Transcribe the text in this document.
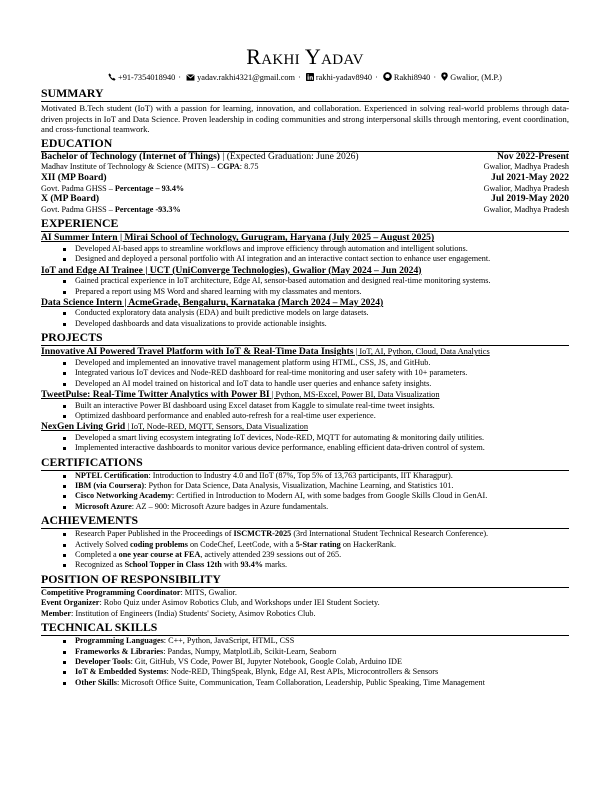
Rakhi Yadav
+91-7354018940 · yadav.rakhi4321@gmail.com · rakhi-yadav8940 · Rakhi8940 · Gwalior, (M.P.)
SUMMARY
Motivated B.Tech student (IoT) with a passion for learning, innovation, and collaboration. Experienced in solving real-world problems through data-driven projects in IoT and Data Science. Proven leadership in coding communities and strong interpersonal skills through mentoring, event coordination, and cross-functional teamwork.
EDUCATION
Bachelor of Technology (Internet of Things) | (Expected Graduation: June 2026)	Nov 2022-Present
Madhav Institute of Technology & Science (MITS) – CGPA: 8.75	Gwalior, Madhya Pradesh
XII (MP Board)	Jul 2021-May 2022
Govt. Padma GHSS – Percentage – 93.4%	Gwalior, Madhya Pradesh
X (MP Board)	Jul 2019-May 2020
Govt. Padma GHSS – Percentage -93.3%	Gwalior, Madhya Pradesh
EXPERIENCE
AI Summer Intern | Mirai School of Technology, Gurugram, Haryana (July 2025 – August 2025)
Developed AI-based apps to streamline workflows and improve efficiency through automation and intelligent solutions.
Designed and deployed a personal portfolio with AI integration and an interactive contact section to enhance user engagement.
IoT and Edge AI Trainee | UCT (UniConverge Technologies), Gwalior (May 2024 – Jun 2024)
Gained practical experience in IoT architecture, Edge AI, sensor-based automation and designed real-time monitoring systems.
Prepared a report using MS Word and shared learning with my classmates and mentors.
Data Science Intern | AcmeGrade, Bengaluru, Karnataka (March 2024 – May 2024)
Conducted exploratory data analysis (EDA) and built predictive models on large datasets.
Developed dashboards and data visualizations to provide actionable insights.
PROJECTS
Innovative AI Powered Travel Platform with IoT & Real-Time Data Insights | IoT, AI, Python, Cloud, Data Analytics
Developed and implemented an innovative travel management platform using HTML, CSS, JS, and GitHub.
Integrated various IoT devices and Node-RED dashboard for real-time monitoring and user safety with 10+ parameters.
Developed an AI model trained on historical and IoT data to handle user queries and enhance safety insights.
TweetPulse: Real-Time Twitter Analytics with Power BI | Python, MS-Excel, Power BI, Data Visualization
Built an interactive Power BI dashboard using Excel dataset from Kaggle to simulate real-time tweet insights.
Optimized dashboard performance and enabled auto-refresh for a real-time user experience.
NexGen Living Grid | IoT, Node-RED, MQTT, Sensors, Data Visualization
Developed a smart living ecosystem integrating IoT devices, Node-RED, MQTT for automating & monitoring daily utilities.
Implemented interactive dashboards to monitor various device performance, enabling efficient data-driven control of system.
CERTIFICATIONS
NPTEL Certification: Introduction to Industry 4.0 and IIoT (87%, Top 5% of 13,763 participants, IIT Kharagpur).
IBM (via Coursera): Python for Data Science, Data Analysis, Visualization, Machine Learning, and Statistics 101.
Cisco Networking Academy: Certified in Introduction to Modern AI, with some badges from Google Skills Cloud in GenAI.
Microsoft Azure: AZ – 900: Microsoft Azure badges in Azure fundamentals.
ACHIEVEMENTS
Research Paper Published in the Proceedings of ISCMCTR-2025 (3rd International Student Technical Research Conference).
Actively Solved coding problems on CodeChef, LeetCode, with a 5-Star rating on HackerRank.
Completed a one year course at FEA, actively attended 239 sessions out of 265.
Recognized as School Topper in Class 12th with 93.4% marks.
POSITION OF RESPONSIBILITY
Competitive Programming Coordinator: MITS, Gwalior.
Event Organizer: Robo Quiz under Asimov Robotics Club, and Workshops under IEI Student Society.
Member: Institution of Engineers (India) Students' Society, Asimov Robotics Club.
TECHNICAL SKILLS
Programming Languages: C++, Python, JavaScript, HTML, CSS
Frameworks & Libraries: Pandas, Numpy, MatplotLib, Scikit-Learn, Seaborn
Developer Tools: Git, GitHub, VS Code, Power BI, Jupyter Notebook, Google Colab, Arduino IDE
IoT & Embedded Systems: Node-RED, ThingSpeak, Blynk, Edge AI, Rest APIs, Microcontrollers & Sensors
Other Skills: Microsoft Office Suite, Communication, Team Collaboration, Leadership, Public Speaking, Time Management
